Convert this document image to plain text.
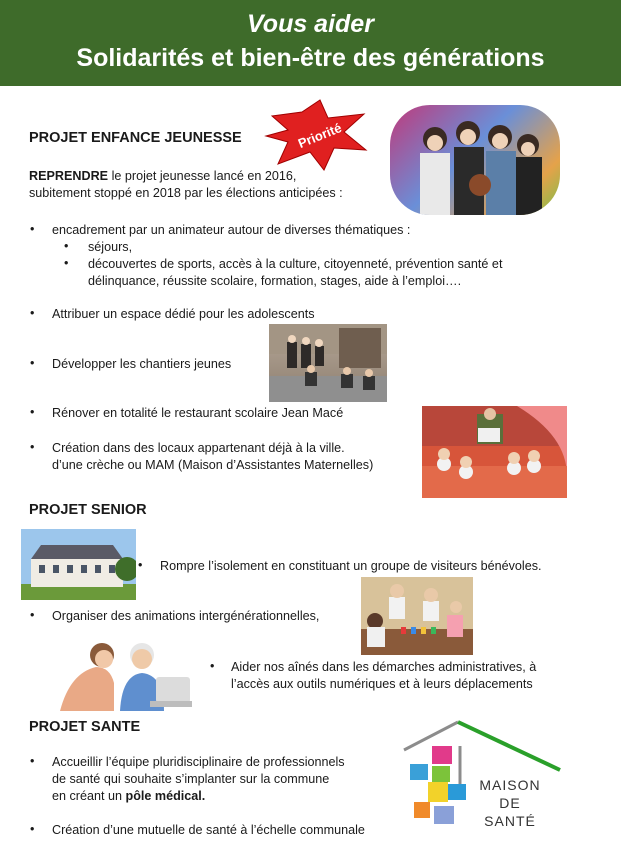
Vous aider
Solidarités et bien-être des générations
PROJET ENFANCE JEUNESSE	Priorité
REPRENDRE le projet jeunesse lancé en 2016,
subitement stoppé en 2018 par les élections anticipées :
• encadrement par un animateur autour de diverses thématiques :
• séjours,
• découvertes de sports, accès à la culture, citoyenneté, prévention santé et
délinquance, réussite scolaire, formation, stages, aide à l’emploi….
• Attribuer un espace dédié pour les adolescents
• Développer les chantiers jeunes
• Rénover en totalité le restaurant scolaire Jean Macé
• Création dans des locaux appartenant déjà à la ville.
d’une crèche ou MAM (Maison d’Assistantes Maternelles)
PROJET SENIOR
• Rompre l’isolement en constituant un groupe de visiteurs bénévoles.
• Organiser des animations intergénérationnelles,
• Aider nos aînés dans les démarches administratives, à
l’accès aux outils numériques et à leurs déplacements
PROJET SANTE
• Accueillir l’équipe pluridisciplinaire de professionnels
de santé qui souhaite s’implanter sur la commune
en créant un pôle médical.
• Création d’une mutuelle de santé à l’échelle communale
MAISON
DE
SANTÉ
